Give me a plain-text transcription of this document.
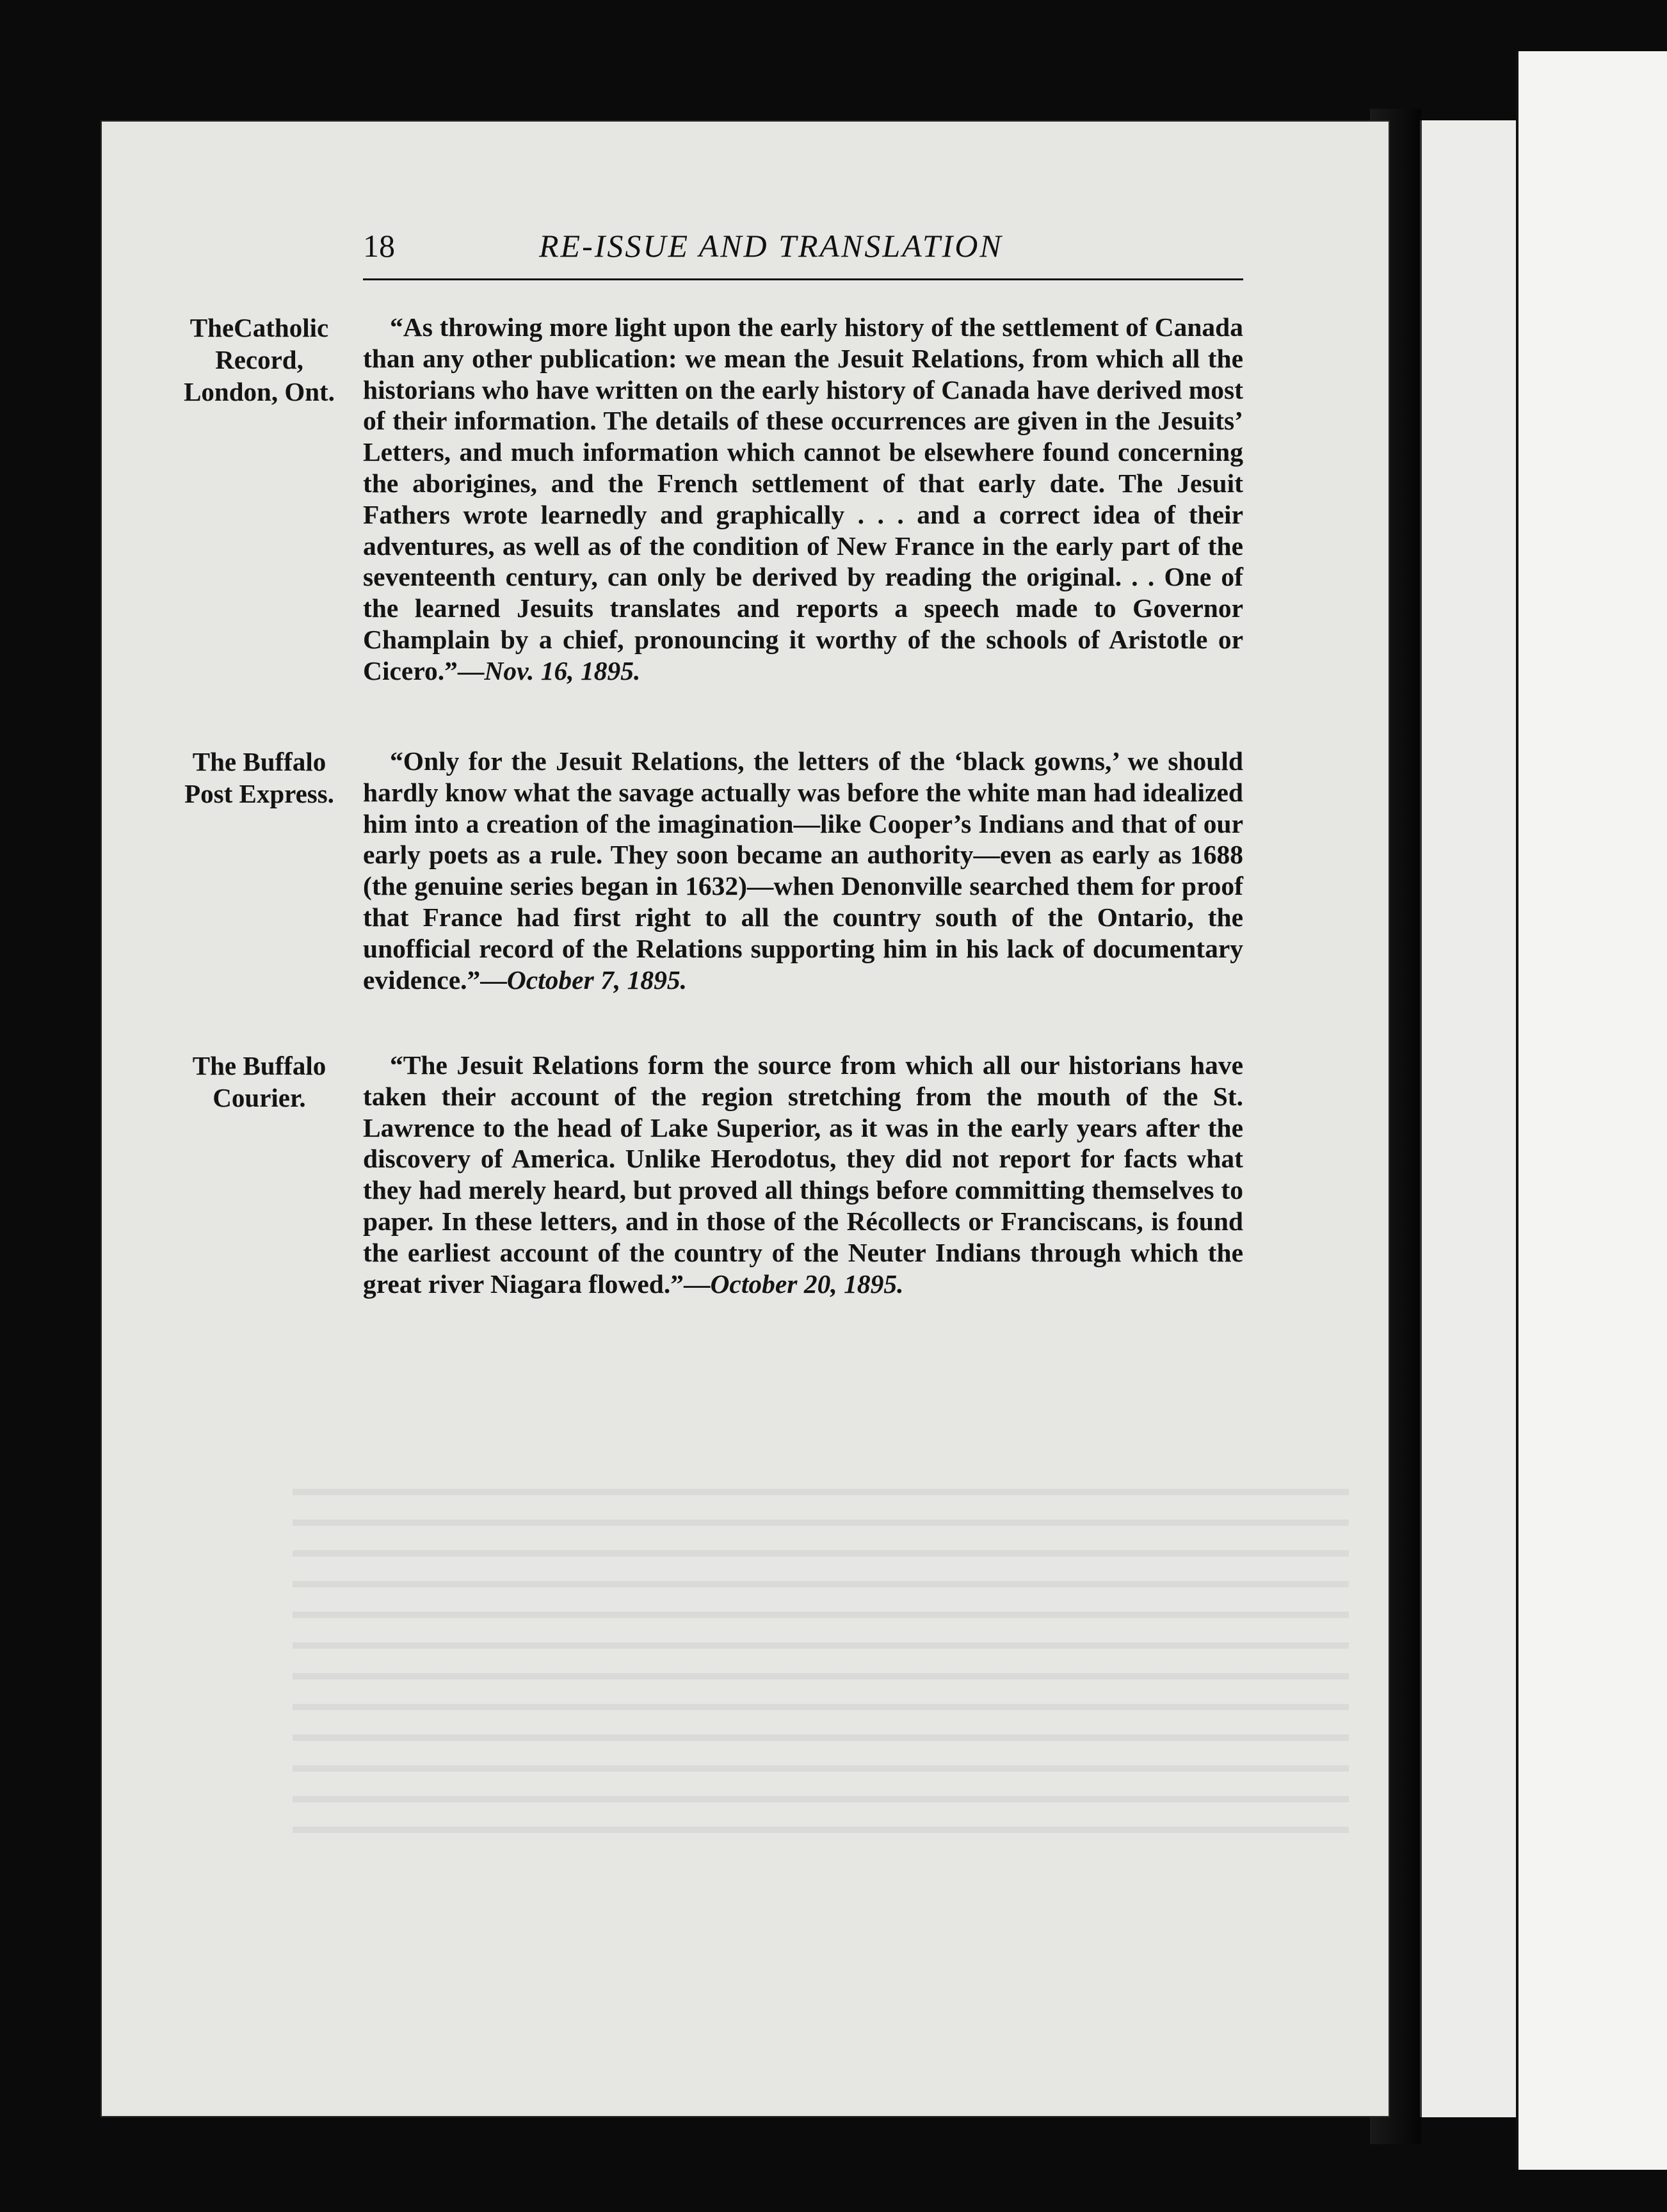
18	RE-ISSUE AND TRANSLATION
TheCatholic Record, London, Ont.
“As throwing more light upon the early history of the settlement of Canada than any other publication: we mean the Jesuit Relations, from which all the historians who have written on the early history of Canada have derived most of their information. The details of these occurrences are given in the Jesuits’ Letters, and much information which cannot be elsewhere found concerning the aborigines, and the French settlement of that early date. The Jesuit Fathers wrote learnedly and graphically . . . and a correct idea of their adventures, as well as of the condition of New France in the early part of the seventeenth century, can only be derived by reading the original. . . One of the learned Jesuits translates and reports a speech made to Governor Champlain by a chief, pronouncing it worthy of the schools of Aristotle or Cicero.”—Nov. 16, 1895.
The Buffalo Post Express.
“Only for the Jesuit Relations, the letters of the ‘black gowns,’ we should hardly know what the savage actually was before the white man had idealized him into a creation of the imagination—like Cooper’s Indians and that of our early poets as a rule. They soon became an authority—even as early as 1688 (the genuine series began in 1632)—when Denonville searched them for proof that France had first right to all the country south of the Ontario, the unofficial record of the Relations supporting him in his lack of documentary evidence.”—October 7, 1895.
The Buffalo Courier.
“The Jesuit Relations form the source from which all our historians have taken their account of the region stretching from the mouth of the St. Lawrence to the head of Lake Superior, as it was in the early years after the discovery of America. Unlike Herodotus, they did not report for facts what they had merely heard, but proved all things before committing themselves to paper. In these letters, and in those of the Récollects or Franciscans, is found the earliest account of the country of the Neuter Indians through which the great river Niagara flowed.”—October 20, 1895.
